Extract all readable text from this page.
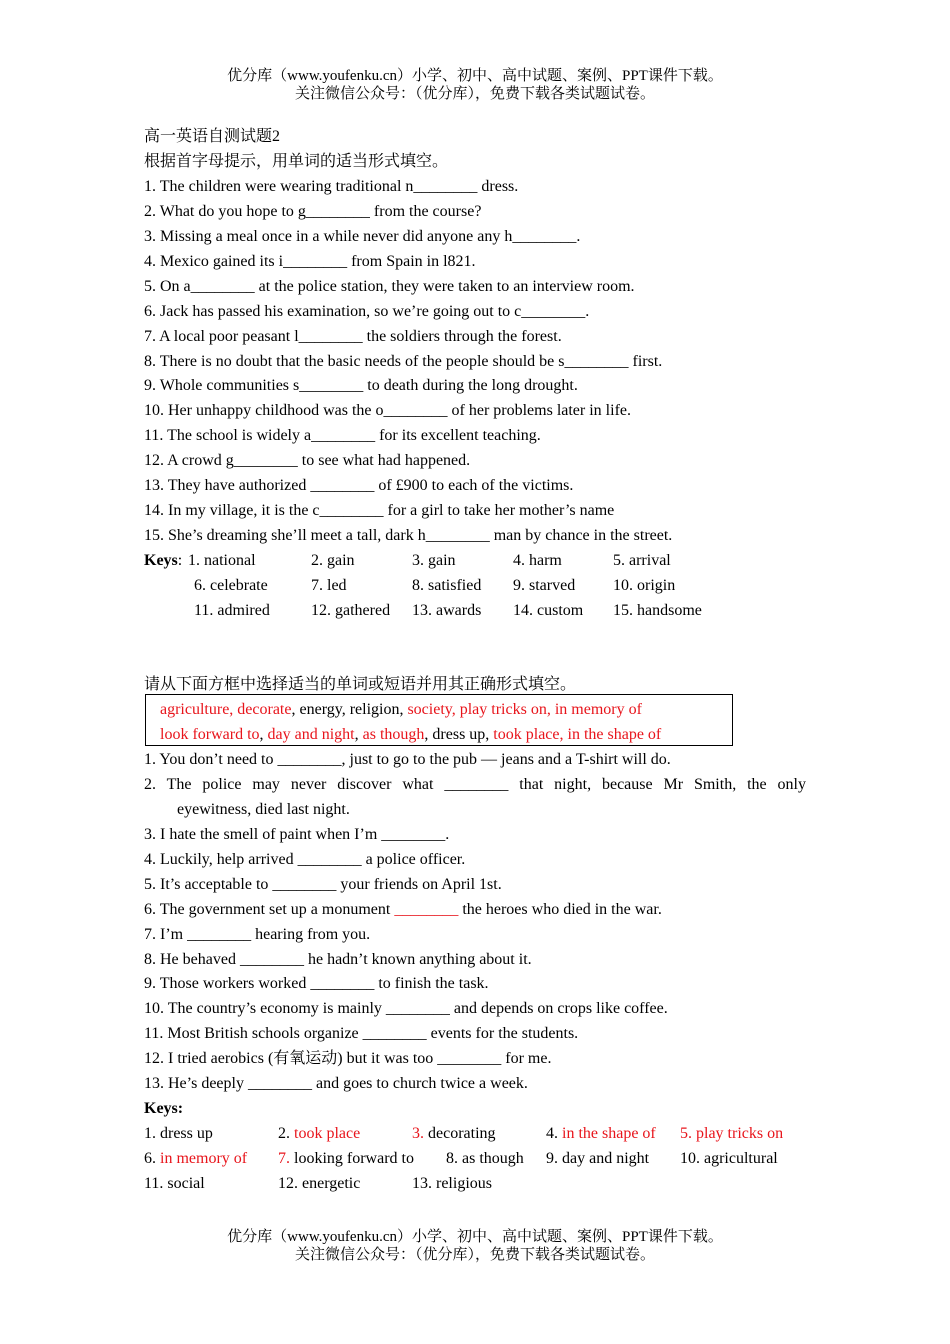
优分库（www.youfenku.cn）小学、初中、高中试题、案例、PPT课件下载。
关注微信公众号：（优分库），免费下载各类试题试卷。
高一英语自测试题2
根据首字母提示，用单词的适当形式填空。
1. The children were wearing traditional n________ dress.
2. What do you hope to g________ from the course?
3. Missing a meal once in a while never did anyone any h________.
4. Mexico gained its i________ from Spain in l821.
5. On a________ at the police station, they were taken to an interview room.
6. Jack has passed his examination, so we’re going out to c________.
7. A local poor peasant l________ the soldiers through the forest.
8. There is no doubt that the basic needs of the people should be s________ first.
9. Whole communities s________ to death during the long drought.
10. Her unhappy childhood was the o________ of her problems later in life.
11. The school is widely a________ for its excellent teaching.
12. A crowd g________ to see what had happened.
13. They have authorized ________ of £900 to each of the victims.
14. In my village, it is the c________ for a girl to take her mother’s name
15. She’s dreaming she’ll meet a tall, dark h________ man by chance in the street.
Keys: 1. national	2. gain	3. gain	4. harm	5. arrival
6. celebrate	7. led	8. satisfied 9. starved 10. origin
11. admired	12. gathered 13. awards 14. custom 15. handsome
请从下面方框中选择适当的单词或短语并用其正确形式填空。
agriculture, decorate, energy, religion, society, play tricks on, in memory of
look forward to, day and night, as though, dress up, took place, in the shape of
1. You don’t need to ________, just to go to the pub — jeans and a T-shirt will do.
2. The police may never discover what ________ that night, because Mr Smith, the only
eyewitness, died last night.
3. I hate the smell of paint when I’m ________.
4. Luckily, help arrived ________ a police officer.
5. It’s acceptable to ________ your friends on April 1st.
6. The government set up a monument ________ the heroes who died in the war.
7. I’m ________ hearing from you.
8. He behaved ________ he hadn’t known anything about it.
9. Those workers worked ________ to finish the task.
10. The country’s economy is mainly ________ and depends on crops like coffee.
11. Most British schools organize ________ events for the students.
12. I tried aerobics (有氧运动) but it was too ________ for me.
13. He’s deeply ________ and goes to church twice a week.
Keys:
1. dress up	2. took place	3. decorating	4. in the shape of 5. play tricks on
6. in memory of 7. looking forward to 8. as though 9. day and night 10. agricultural
11. social	12. energetic	13. religious
优分库（www.youfenku.cn）小学、初中、高中试题、案例、PPT课件下载。
关注微信公众号：（优分库），免费下载各类试题试卷。
